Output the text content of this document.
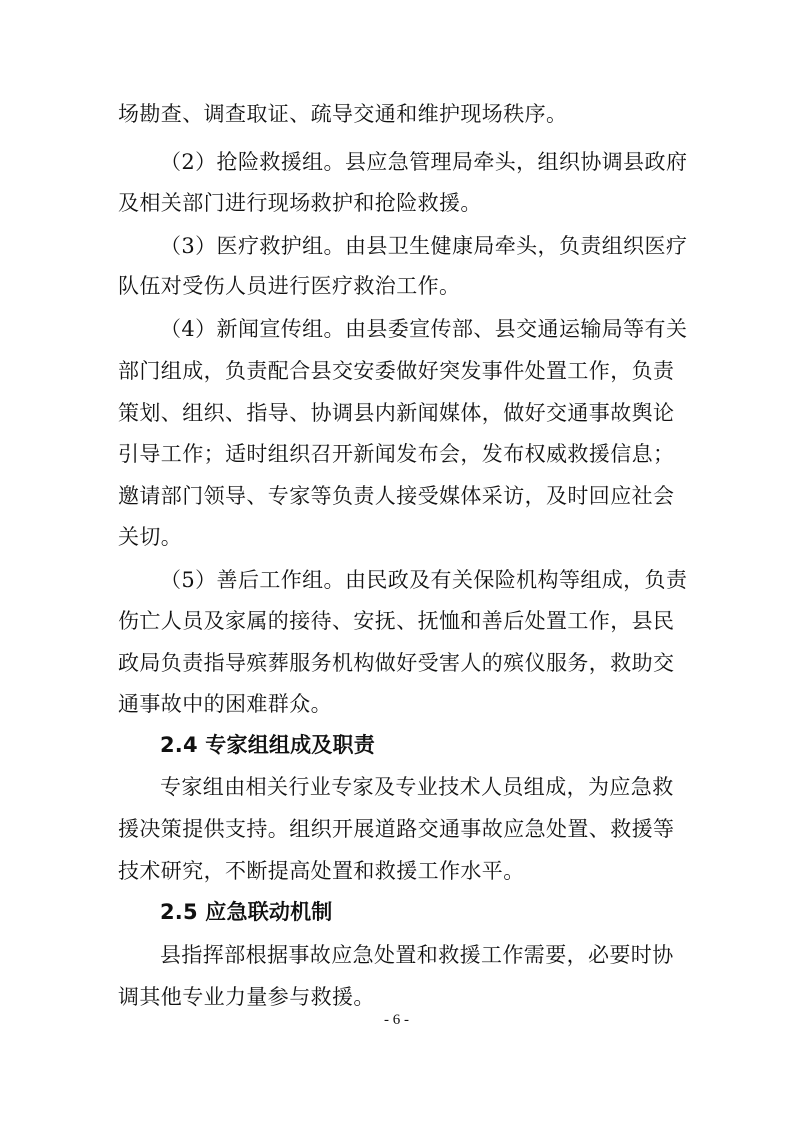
场勘查、调查取证、疏导交通和维护现场秩序。
（2）抢险救援组。县应急管理局牵头，组织协调县政府
及相关部门进行现场救护和抢险救援。
（3）医疗救护组。由县卫生健康局牵头，负责组织医疗
队伍对受伤人员进行医疗救治工作。
（4）新闻宣传组。由县委宣传部、县交通运输局等有关
部门组成，负责配合县交安委做好突发事件处置工作，负责
策划、组织、指导、协调县内新闻媒体，做好交通事故舆论
引导工作；适时组织召开新闻发布会，发布权威救援信息；
邀请部门领导、专家等负责人接受媒体采访，及时回应社会
关切。
（5）善后工作组。由民政及有关保险机构等组成，负责
伤亡人员及家属的接待、安抚、抚恤和善后处置工作，县民
政局负责指导殡葬服务机构做好受害人的殡仪服务，救助交
通事故中的困难群众。
2.4 专家组组成及职责
专家组由相关行业专家及专业技术人员组成，为应急救
援决策提供支持。组织开展道路交通事故应急处置、救援等
技术研究，不断提高处置和救援工作水平。
2.5 应急联动机制
县指挥部根据事故应急处置和救援工作需要，必要时协
调其他专业力量参与救援。
- 6 -
